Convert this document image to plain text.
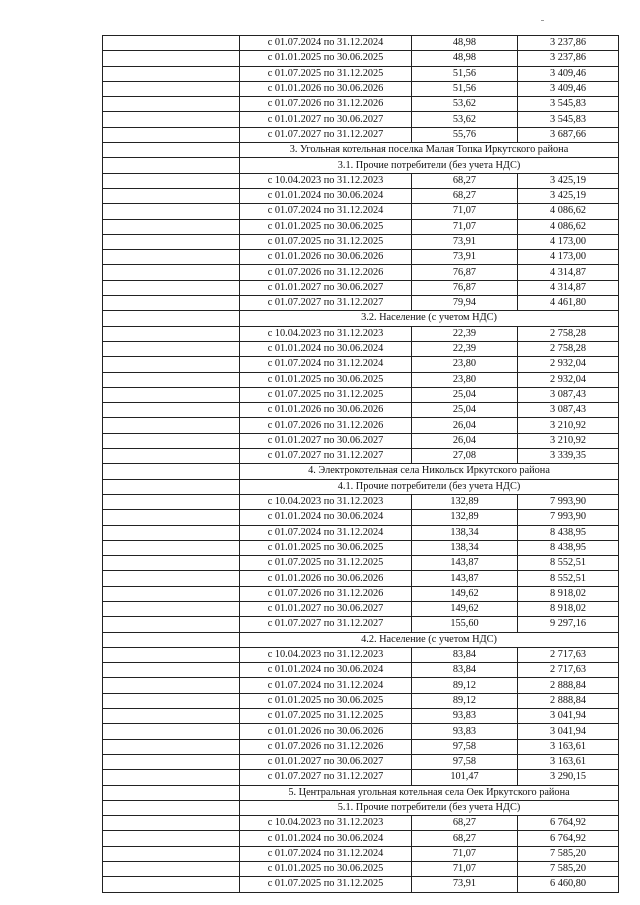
	с 01.07.2024 по 31.12.2024	48,98	3 237,86
	с 01.01.2025 по 30.06.2025	48,98	3 237,86
	с 01.07.2025 по 31.12.2025	51,56	3 409,46
	с 01.01.2026 по 30.06.2026	51,56	3 409,46
	с 01.07.2026 по 31.12.2026	53,62	3 545,83
	с 01.01.2027 по 30.06.2027	53,62	3 545,83
	с 01.07.2027 по 31.12.2027	55,76	3 687,66
	3. Угольная котельная поселка Малая Топка Иркутского района		
	3.1. Прочие потребители (без учета НДС)		
	с 10.04.2023 по 31.12.2023	68,27	3 425,19
	с 01.01.2024 по 30.06.2024	68,27	3 425,19
	с 01.07.2024 по 31.12.2024	71,07	4 086,62
	с 01.01.2025 по 30.06.2025	71,07	4 086,62
	с 01.07.2025 по 31.12.2025	73,91	4 173,00
	с 01.01.2026 по 30.06.2026	73,91	4 173,00
	с 01.07.2026 по 31.12.2026	76,87	4 314,87
	с 01.01.2027 по 30.06.2027	76,87	4 314,87
	с 01.07.2027 по 31.12.2027	79,94	4 461,80
	3.2. Население (с учетом НДС)		
	с 10.04.2023 по 31.12.2023	22,39	2 758,28
	с 01.01.2024 по 30.06.2024	22,39	2 758,28
	с 01.07.2024 по 31.12.2024	23,80	2 932,04
	с 01.01.2025 по 30.06.2025	23,80	2 932,04
	с 01.07.2025 по 31.12.2025	25,04	3 087,43
	с 01.01.2026 по 30.06.2026	25,04	3 087,43
	с 01.07.2026 по 31.12.2026	26,04	3 210,92
	с 01.01.2027 по 30.06.2027	26,04	3 210,92
	с 01.07.2027 по 31.12.2027	27,08	3 339,35
	4. Электрокотельная села Никольск Иркутского района		
	4.1. Прочие потребители (без учета НДС)		
	с 10.04.2023 по 31.12.2023	132,89	7 993,90
	с 01.01.2024 по 30.06.2024	132,89	7 993,90
	с 01.07.2024 по 31.12.2024	138,34	8 438,95
	с 01.01.2025 по 30.06.2025	138,34	8 438,95
	с 01.07.2025 по 31.12.2025	143,87	8 552,51
	с 01.01.2026 по 30.06.2026	143,87	8 552,51
	с 01.07.2026 по 31.12.2026	149,62	8 918,02
	с 01.01.2027 по 30.06.2027	149,62	8 918,02
	с 01.07.2027 по 31.12.2027	155,60	9 297,16
	4.2. Население (с учетом НДС)		
	с 10.04.2023 по 31.12.2023	83,84	2 717,63
	с 01.01.2024 по 30.06.2024	83,84	2 717,63
	с 01.07.2024 по 31.12.2024	89,12	2 888,84
	с 01.01.2025 по 30.06.2025	89,12	2 888,84
	с 01.07.2025 по 31.12.2025	93,83	3 041,94
	с 01.01.2026 по 30.06.2026	93,83	3 041,94
	с 01.07.2026 по 31.12.2026	97,58	3 163,61
	с 01.01.2027 по 30.06.2027	97,58	3 163,61
	с 01.07.2027 по 31.12.2027	101,47	3 290,15
	5. Центральная угольная котельная села Оек Иркутского района		
	5.1. Прочие потребители (без учета НДС)		
	с 10.04.2023 по 31.12.2023	68,27	6 764,92
	с 01.01.2024 по 30.06.2024	68,27	6 764,92
	с 01.07.2024 по 31.12.2024	71,07	7 585,20
	с 01.01.2025 по 30.06.2025	71,07	7 585,20
	с 01.07.2025 по 31.12.2025	73,91	6 460,80
